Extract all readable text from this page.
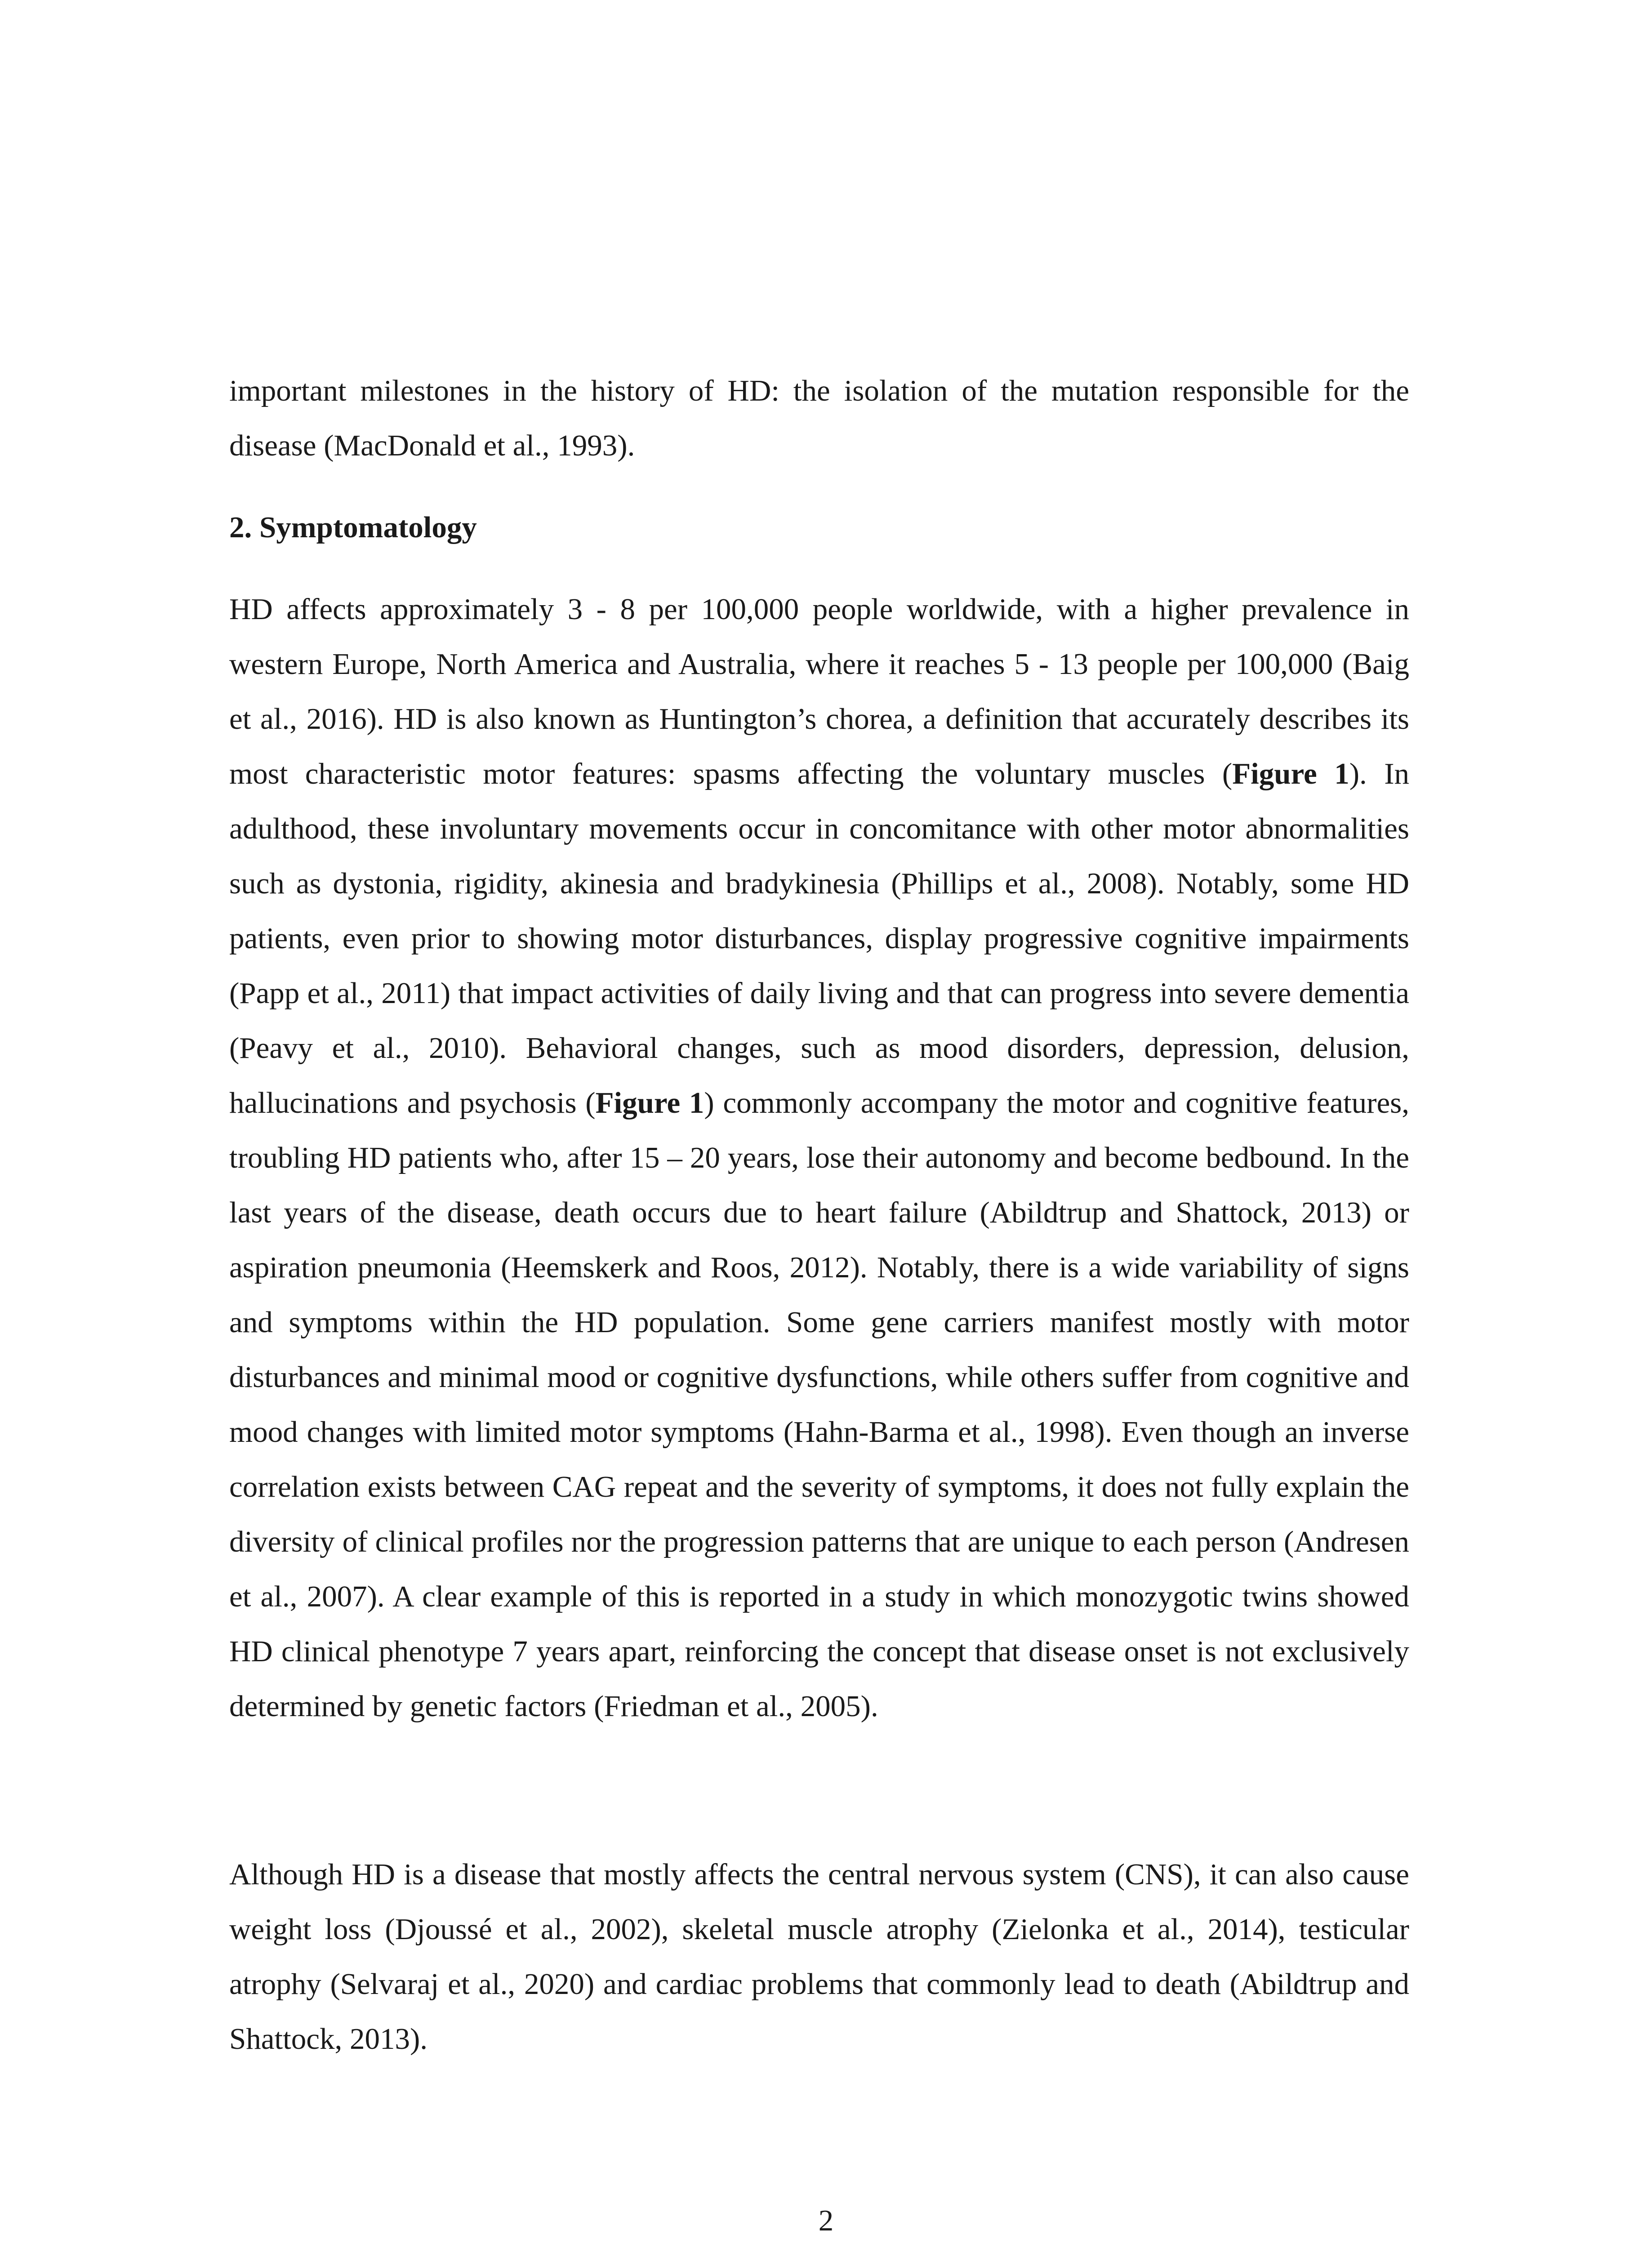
important milestones in the history of HD: the isolation of the mutation responsible for the disease (MacDonald et al., 1993).

2. Symptomatology

HD affects approximately 3 - 8 per 100,000 people worldwide, with a higher prevalence in western Europe, North America and Australia, where it reaches 5 - 13 people per 100,000 (Baig et al., 2016). HD is also known as Huntington’s chorea, a definition that accurately describes its most characteristic motor features: spasms affecting the voluntary muscles (Figure 1). In adulthood, these involuntary movements occur in concomitance with other motor abnormalities such as dystonia, rigidity, akinesia and bradykinesia (Phillips et al., 2008). Notably, some HD patients, even prior to showing motor disturbances, display progressive cognitive impairments (Papp et al., 2011) that impact activities of daily living and that can progress into severe dementia (Peavy et al., 2010). Behavioral changes, such as mood disorders, depression, delusion, hallucinations and psychosis (Figure 1) commonly accompany the motor and cognitive features, troubling HD patients who, after 15 – 20 years, lose their autonomy and become bedbound. In the last years of the disease, death occurs due to heart failure (Abildtrup and Shattock, 2013) or aspiration pneumonia (Heemskerk and Roos, 2012). Notably, there is a wide variability of signs and symptoms within the HD population. Some gene carriers manifest mostly with motor disturbances and minimal mood or cognitive dysfunctions, while others suffer from cognitive and mood changes with limited motor symptoms (Hahn-Barma et al., 1998). Even though an inverse correlation exists between CAG repeat and the severity of symptoms, it does not fully explain the diversity of clinical profiles nor the progression patterns that are unique to each person (Andresen et al., 2007). A clear example of this is reported in a study in which monozygotic twins showed HD clinical phenotype 7 years apart, reinforcing the concept that disease onset is not exclusively determined by genetic factors (Friedman et al., 2005).

Although HD is a disease that mostly affects the central nervous system (CNS), it can also cause weight loss (Djoussé et al., 2002), skeletal muscle atrophy (Zielonka et al., 2014), testicular atrophy (Selvaraj et al., 2020) and cardiac problems that commonly lead to death (Abildtrup and Shattock, 2013).

2
